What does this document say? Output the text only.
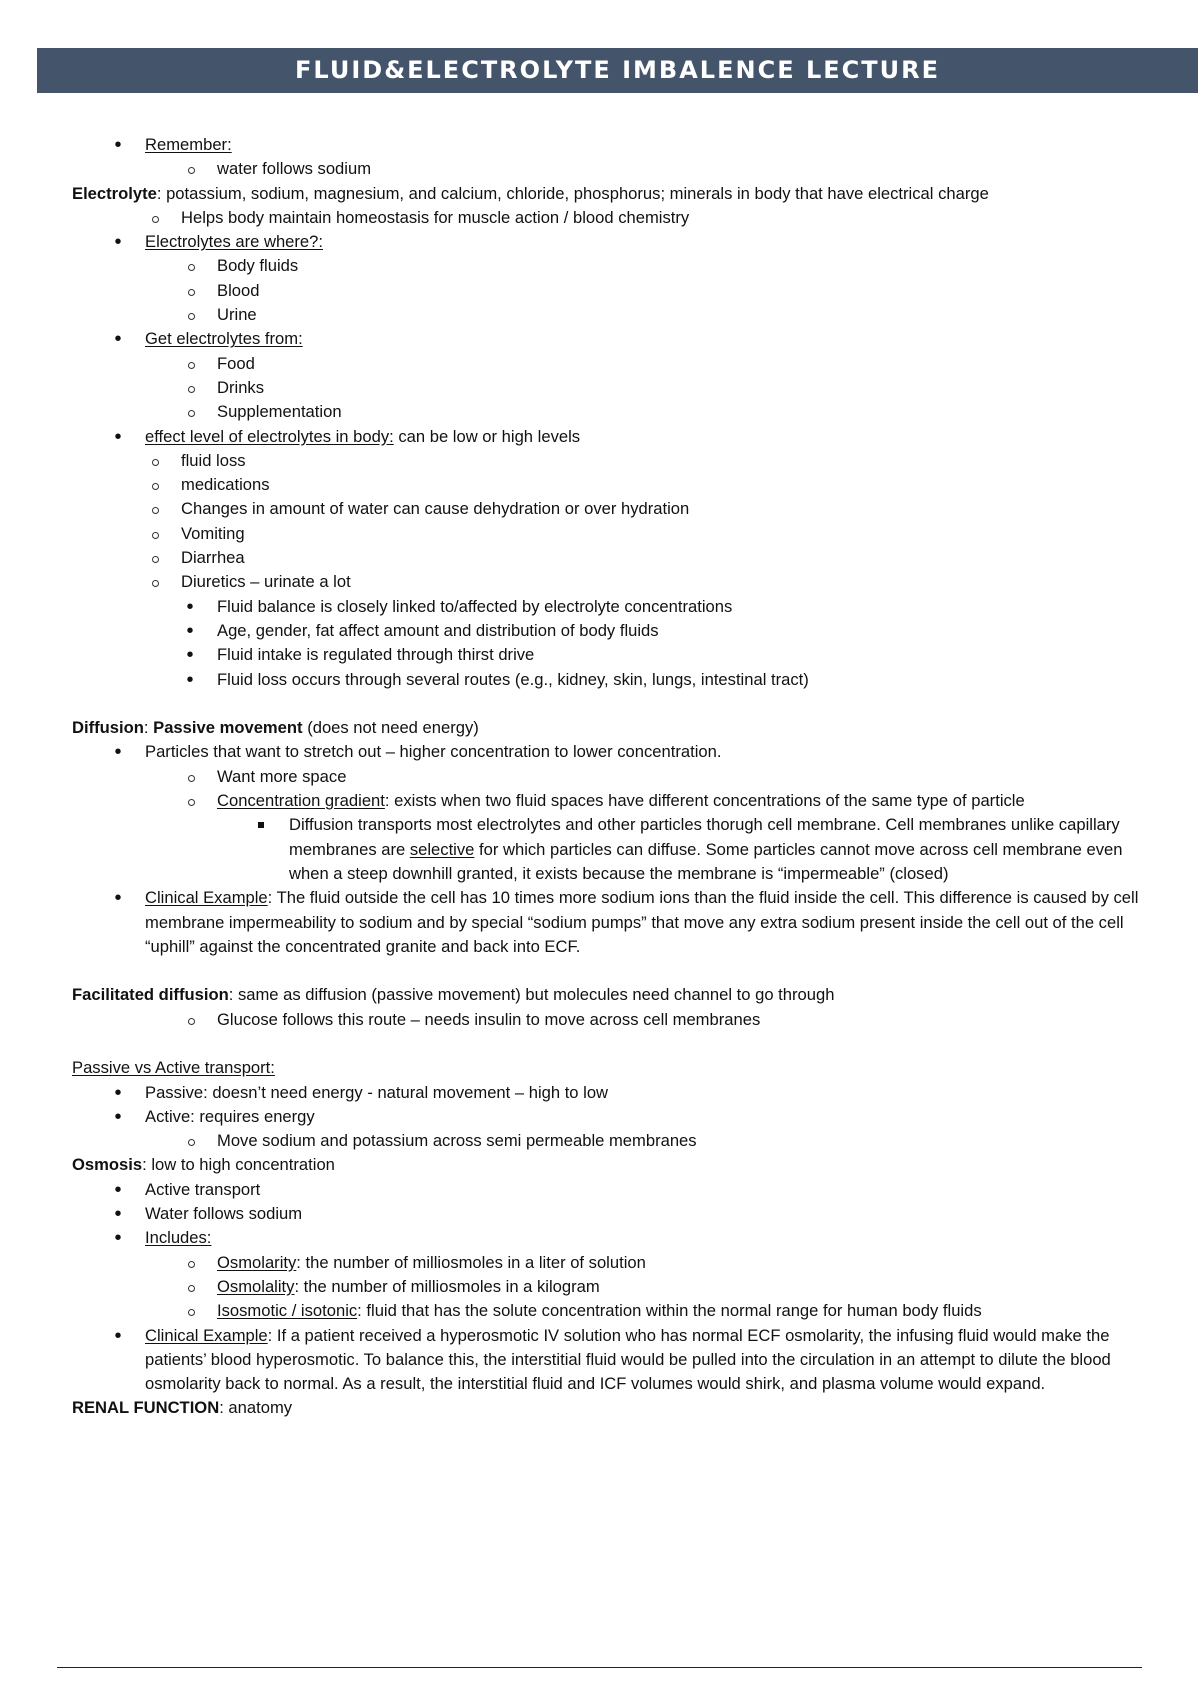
FLUID&ELECTROLYTE IMBALENCE LECTURE
• Remember:
water follows sodium
Electrolyte: potassium, sodium, magnesium, and calcium, chloride, phosphorus; minerals in body that have electrical charge
Helps body maintain homeostasis for muscle action / blood chemistry
• Electrolytes are where?:
Body fluids
Blood
Urine
• Get electrolytes from:
Food
Drinks
Supplementation
• effect level of electrolytes in body: can be low or high levels
fluid loss
medications
Changes in amount of water can cause dehydration or over hydration
Vomiting
Diarrhea
Diuretics – urinate a lot
• Fluid balance is closely linked to/affected by electrolyte concentrations
• Age, gender, fat affect amount and distribution of body fluids
• Fluid intake is regulated through thirst drive
• Fluid loss occurs through several routes (e.g., kidney, skin, lungs, intestinal tract)
Diffusion: Passive movement (does not need energy)
• Particles that want to stretch out – higher concentration to lower concentration.
Want more space
Concentration gradient: exists when two fluid spaces have different concentrations of the same type of particle
Diffusion transports most electrolytes and other particles thorugh cell membrane. Cell membranes unlike capillary membranes are selective for which particles can diffuse. Some particles cannot move across cell membrane even when a steep downhill granted, it exists because the membrane is “impermeable” (closed)
• Clinical Example: The fluid outside the cell has 10 times more sodium ions than the fluid inside the cell. This difference is caused by cell membrane impermeability to sodium and by special “sodium pumps” that move any extra sodium present inside the cell out of the cell “uphill” against the concentrated granite and back into ECF.
Facilitated diffusion: same as diffusion (passive movement) but molecules need channel to go through
Glucose follows this route – needs insulin to move across cell membranes
Passive vs Active transport:
• Passive: doesn’t need energy - natural movement – high to low
• Active: requires energy
Move sodium and potassium across semi permeable membranes
Osmosis: low to high concentration
• Active transport
• Water follows sodium
• Includes:
Osmolarity: the number of milliosmoles in a liter of solution
Osmolality: the number of milliosmoles in a kilogram
Isosmotic / isotonic: fluid that has the solute concentration within the normal range for human body fluids
• Clinical Example: If a patient received a hyperosmotic IV solution who has normal ECF osmolarity, the infusing fluid would make the patients’ blood hyperosmotic. To balance this, the interstitial fluid would be pulled into the circulation in an attempt to dilute the blood osmolarity back to normal. As a result, the interstitial fluid and ICF volumes would shirk, and plasma volume would expand.
RENAL FUNCTION: anatomy
